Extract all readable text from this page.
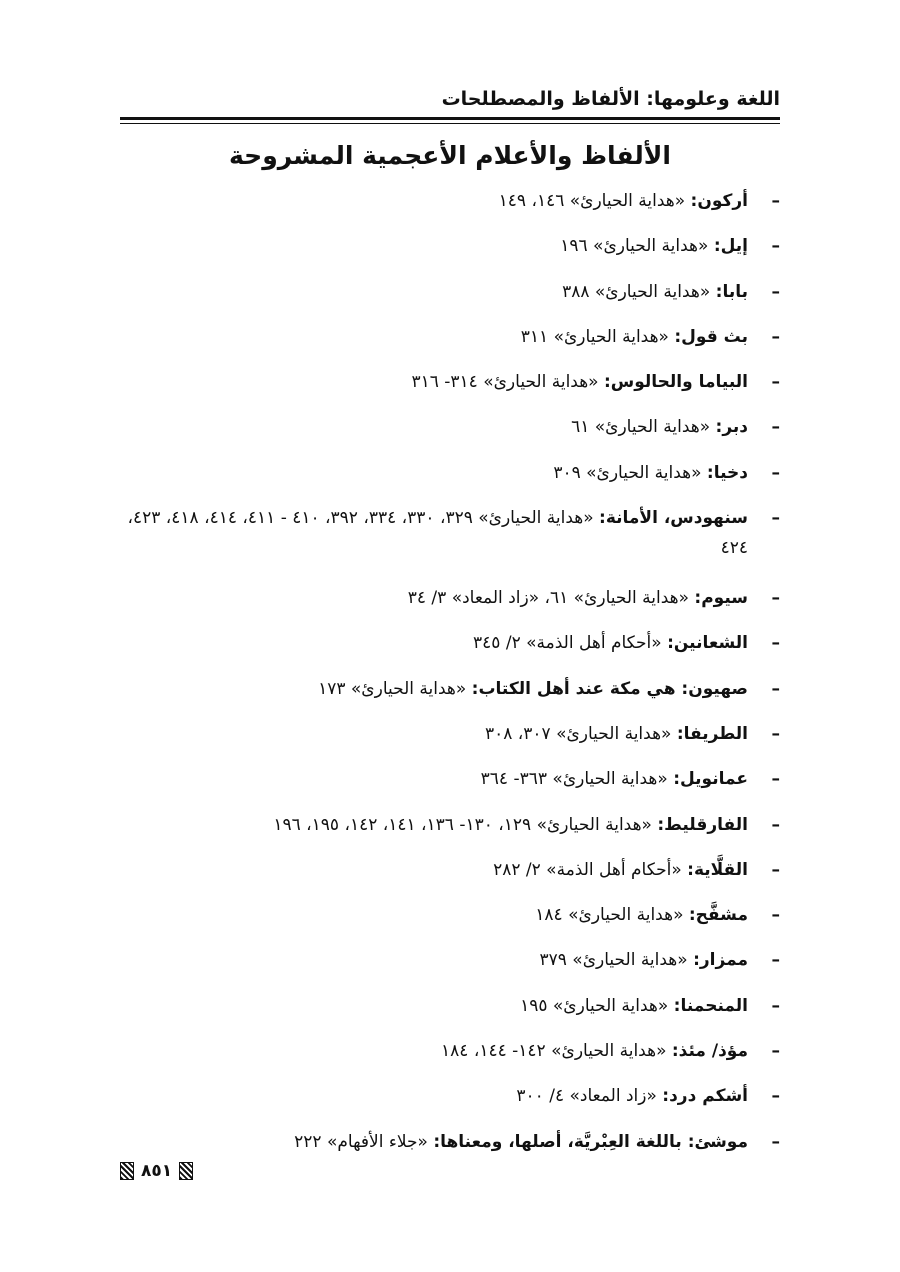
اللغة وعلومها: الألفاظ والمصطلحات
الألفاظ والأعلام الأعجمية المشروحة
–
أركون: «هداية الحيارئ» ١٤٦، ١٤٩
–
إيل: «هداية الحيارئ» ١٩٦
–
بابا: «هداية الحيارئ» ٣٨٨
–
بث قول: «هداية الحيارئ» ٣١١
–
البياما والحالوس: «هداية الحيارئ» ٣١٤- ٣١٦
–
دبر: «هداية الحيارئ» ٦١
–
دخيا: «هداية الحيارئ» ٣٠٩
–
سنهودس، الأمانة: «هداية الحيارئ» ٣٢٩، ٣٣٠، ٣٣٤، ٣٩٢، ٤١٠ - ٤١١، ٤١٤، ٤١٨، ٤٢٣، ٤٢٤
–
سيوم: «هداية الحيارئ» ٦١، «زاد المعاد» ٣/ ٣٤
–
الشعانين: «أحكام أهل الذمة» ٢/ ٣٤٥
–
صهيون: هي مكة عند أهل الكتاب: «هداية الحيارئ» ١٧٣
–
الطريفا: «هداية الحيارئ» ٣٠٧، ٣٠٨
–
عمانويل: «هداية الحيارئ» ٣٦٣- ٣٦٤
–
الفارقليط: «هداية الحيارئ» ١٢٩، ١٣٠- ١٣٦، ١٤١، ١٤٢، ١٩٥، ١٩٦
–
القلَّاية: «أحكام أهل الذمة» ٢/ ٢٨٢
–
مشفَّح: «هداية الحيارئ» ١٨٤
–
ممزار: «هداية الحيارئ» ٣٧٩
–
المنحمنا: «هداية الحيارئ» ١٩٥
–
مؤذ/ مئذ: «هداية الحيارئ» ١٤٢- ١٤٤، ١٨٤
–
أشكم درد: «زاد المعاد» ٤/ ٣٠٠
–
موشئ: باللغة العِبْريَّة، أصلها، ومعناها: «جلاء الأفهام» ٢٢٢
٨٥١
